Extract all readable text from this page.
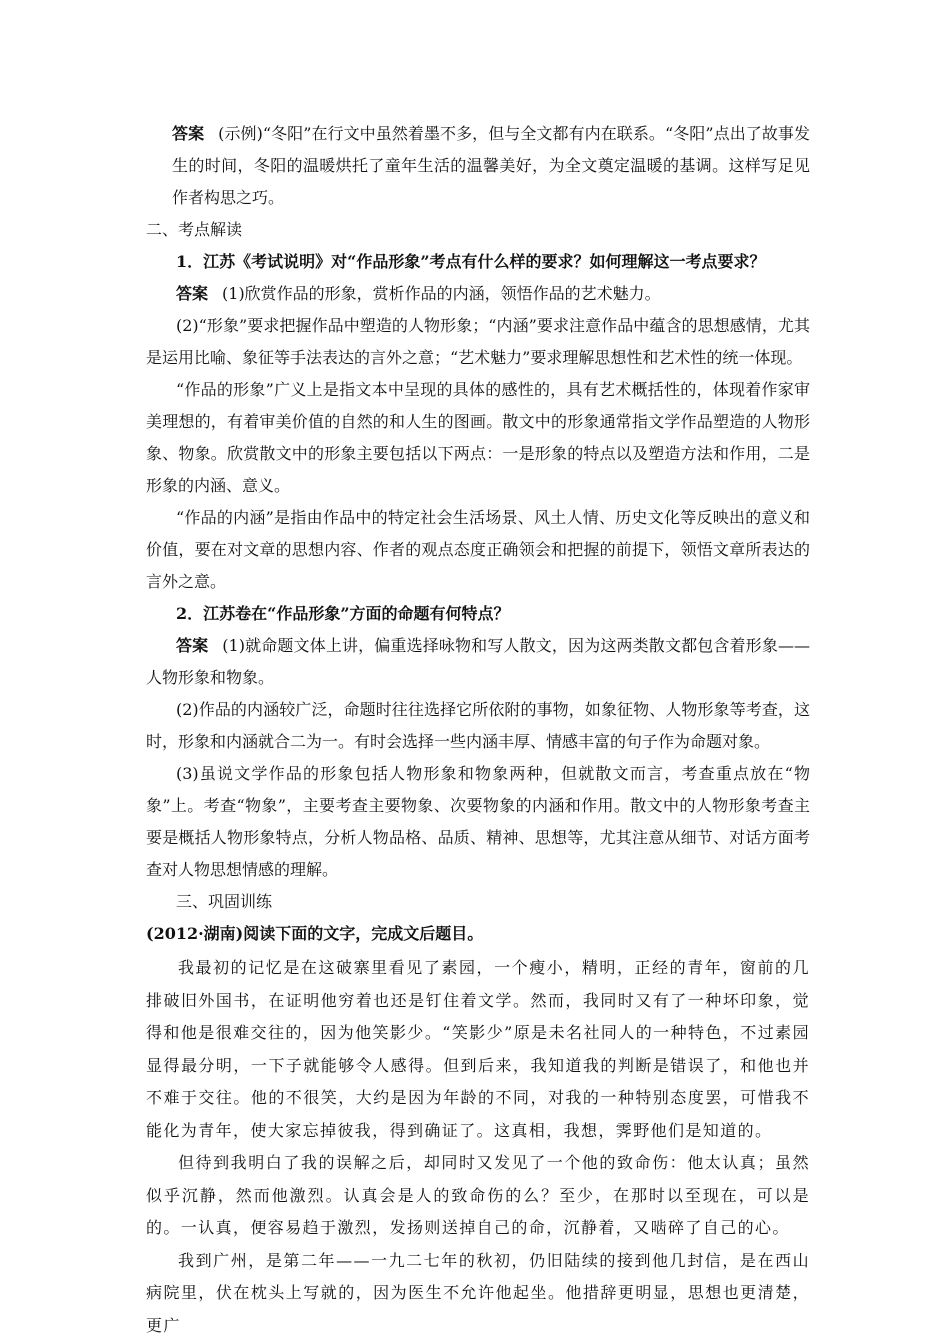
答案 (示例)“冬阳”在行文中虽然着墨不多，但与全文都有内在联系。“冬阳”点出了故事发生的时间，冬阳的温暖烘托了童年生活的温馨美好，为全文奠定温暖的基调。这样写足见作者构思之巧。

二、考点解读

1．江苏《考试说明》对“作品形象”考点有什么样的要求？如何理解这一考点要求？

答案 (1)欣赏作品的形象，赏析作品的内涵，领悟作品的艺术魅力。

(2)“形象”要求把握作品中塑造的人物形象；“内涵”要求注意作品中蕴含的思想感情，尤其是运用比喻、象征等手法表达的言外之意；“艺术魅力”要求理解思想性和艺术性的统一体现。

“作品的形象”广义上是指文本中呈现的具体的感性的，具有艺术概括性的，体现着作家审美理想的，有着审美价值的自然的和人生的图画。散文中的形象通常指文学作品塑造的人物形象、物象。欣赏散文中的形象主要包括以下两点：一是形象的特点以及塑造方法和作用，二是形象的内涵、意义。

“作品的内涵”是指由作品中的特定社会生活场景、风土人情、历史文化等反映出的意义和价值，要在对文章的思想内容、作者的观点态度正确领会和把握的前提下，领悟文章所表达的言外之意。

2．江苏卷在“作品形象”方面的命题有何特点？

答案 (1)就命题文体上讲，偏重选择咏物和写人散文，因为这两类散文都包含着形象——人物形象和物象。

(2)作品的内涵较广泛，命题时往往选择它所依附的事物，如象征物、人物形象等考查，这时，形象和内涵就合二为一。有时会选择一些内涵丰厚、情感丰富的句子作为命题对象。

(3)虽说文学作品的形象包括人物形象和物象两种，但就散文而言，考查重点放在“物象”上。考查“物象”，主要考查主要物象、次要物象的内涵和作用。散文中的人物形象考查主要是概括人物形象特点，分析人物品格、品质、精神、思想等，尤其注意从细节、对话方面考查对人物思想情感的理解。

三、巩固训练

(2012·湖南)阅读下面的文字，完成文后题目。

我最初的记忆是在这破寨里看见了素园，一个瘦小，精明，正经的青年，窗前的几排破旧外国书，在证明他穷着也还是钉住着文学。然而，我同时又有了一种坏印象，觉得和他是很难交往的，因为他笑影少。“笑影少”原是未名社同人的一种特色，不过素园显得最分明，一下子就能够令人感得。但到后来，我知道我的判断是错误了，和他也并不难于交往。他的不很笑，大约是因为年龄的不同，对我的一种特别态度罢，可惜我不能化为青年，使大家忘掉彼我，得到确证了。这真相，我想，霁野他们是知道的。

但待到我明白了我的误解之后，却同时又发见了一个他的致命伤：他太认真；虽然似乎沉静，然而他激烈。认真会是人的致命伤的么？至少，在那时以至现在，可以是的。一认真，便容易趋于激烈，发扬则送掉自己的命，沉静着，又啮碎了自己的心。

我到广州，是第二年——一九二七年的秋初，仍旧陆续的接到他几封信，是在西山病院里，伏在枕头上写就的，因为医生不允许他起坐。他措辞更明显，思想也更清楚，更广
